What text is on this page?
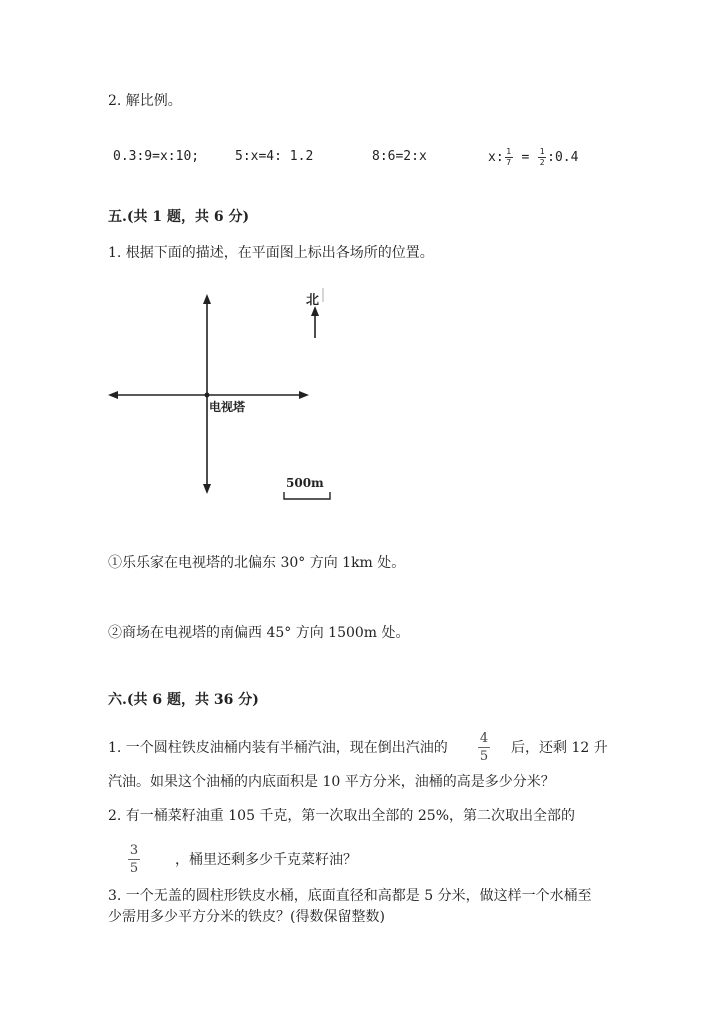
2. 解比例。
0.3:9=x:10;	5:x=4: 1.2	8:6=2:x	x: 1
7 = 1
2 :0.4
五.(共 1 题，共 6 分)
1. 根据下面的描述，在平面图上标出各场所的位置。
北
电视塔
500m
①乐乐家在电视塔的北偏东 30° 方向 1km 处。
②商场在电视塔的南偏西 45° 方向 1500m 处。
六.(共 6 题，共 36 分)
1. 一个圆柱铁皮油桶内装有半桶汽油，现在倒出汽油的
4
5
后，还剩 12 升
汽油。如果这个油桶的内底面积是 10 平方分米，油桶的高是多少分米？
2. 有一桶菜籽油重 105 千克，第一次取出全部的 25%，第二次取出全部的
3
5
，桶里还剩多少千克菜籽油？
3. 一个无盖的圆柱形铁皮水桶，底面直径和高都是 5 分米，做这样一个水桶至
少需用多少平方分米的铁皮？(得数保留整数)
